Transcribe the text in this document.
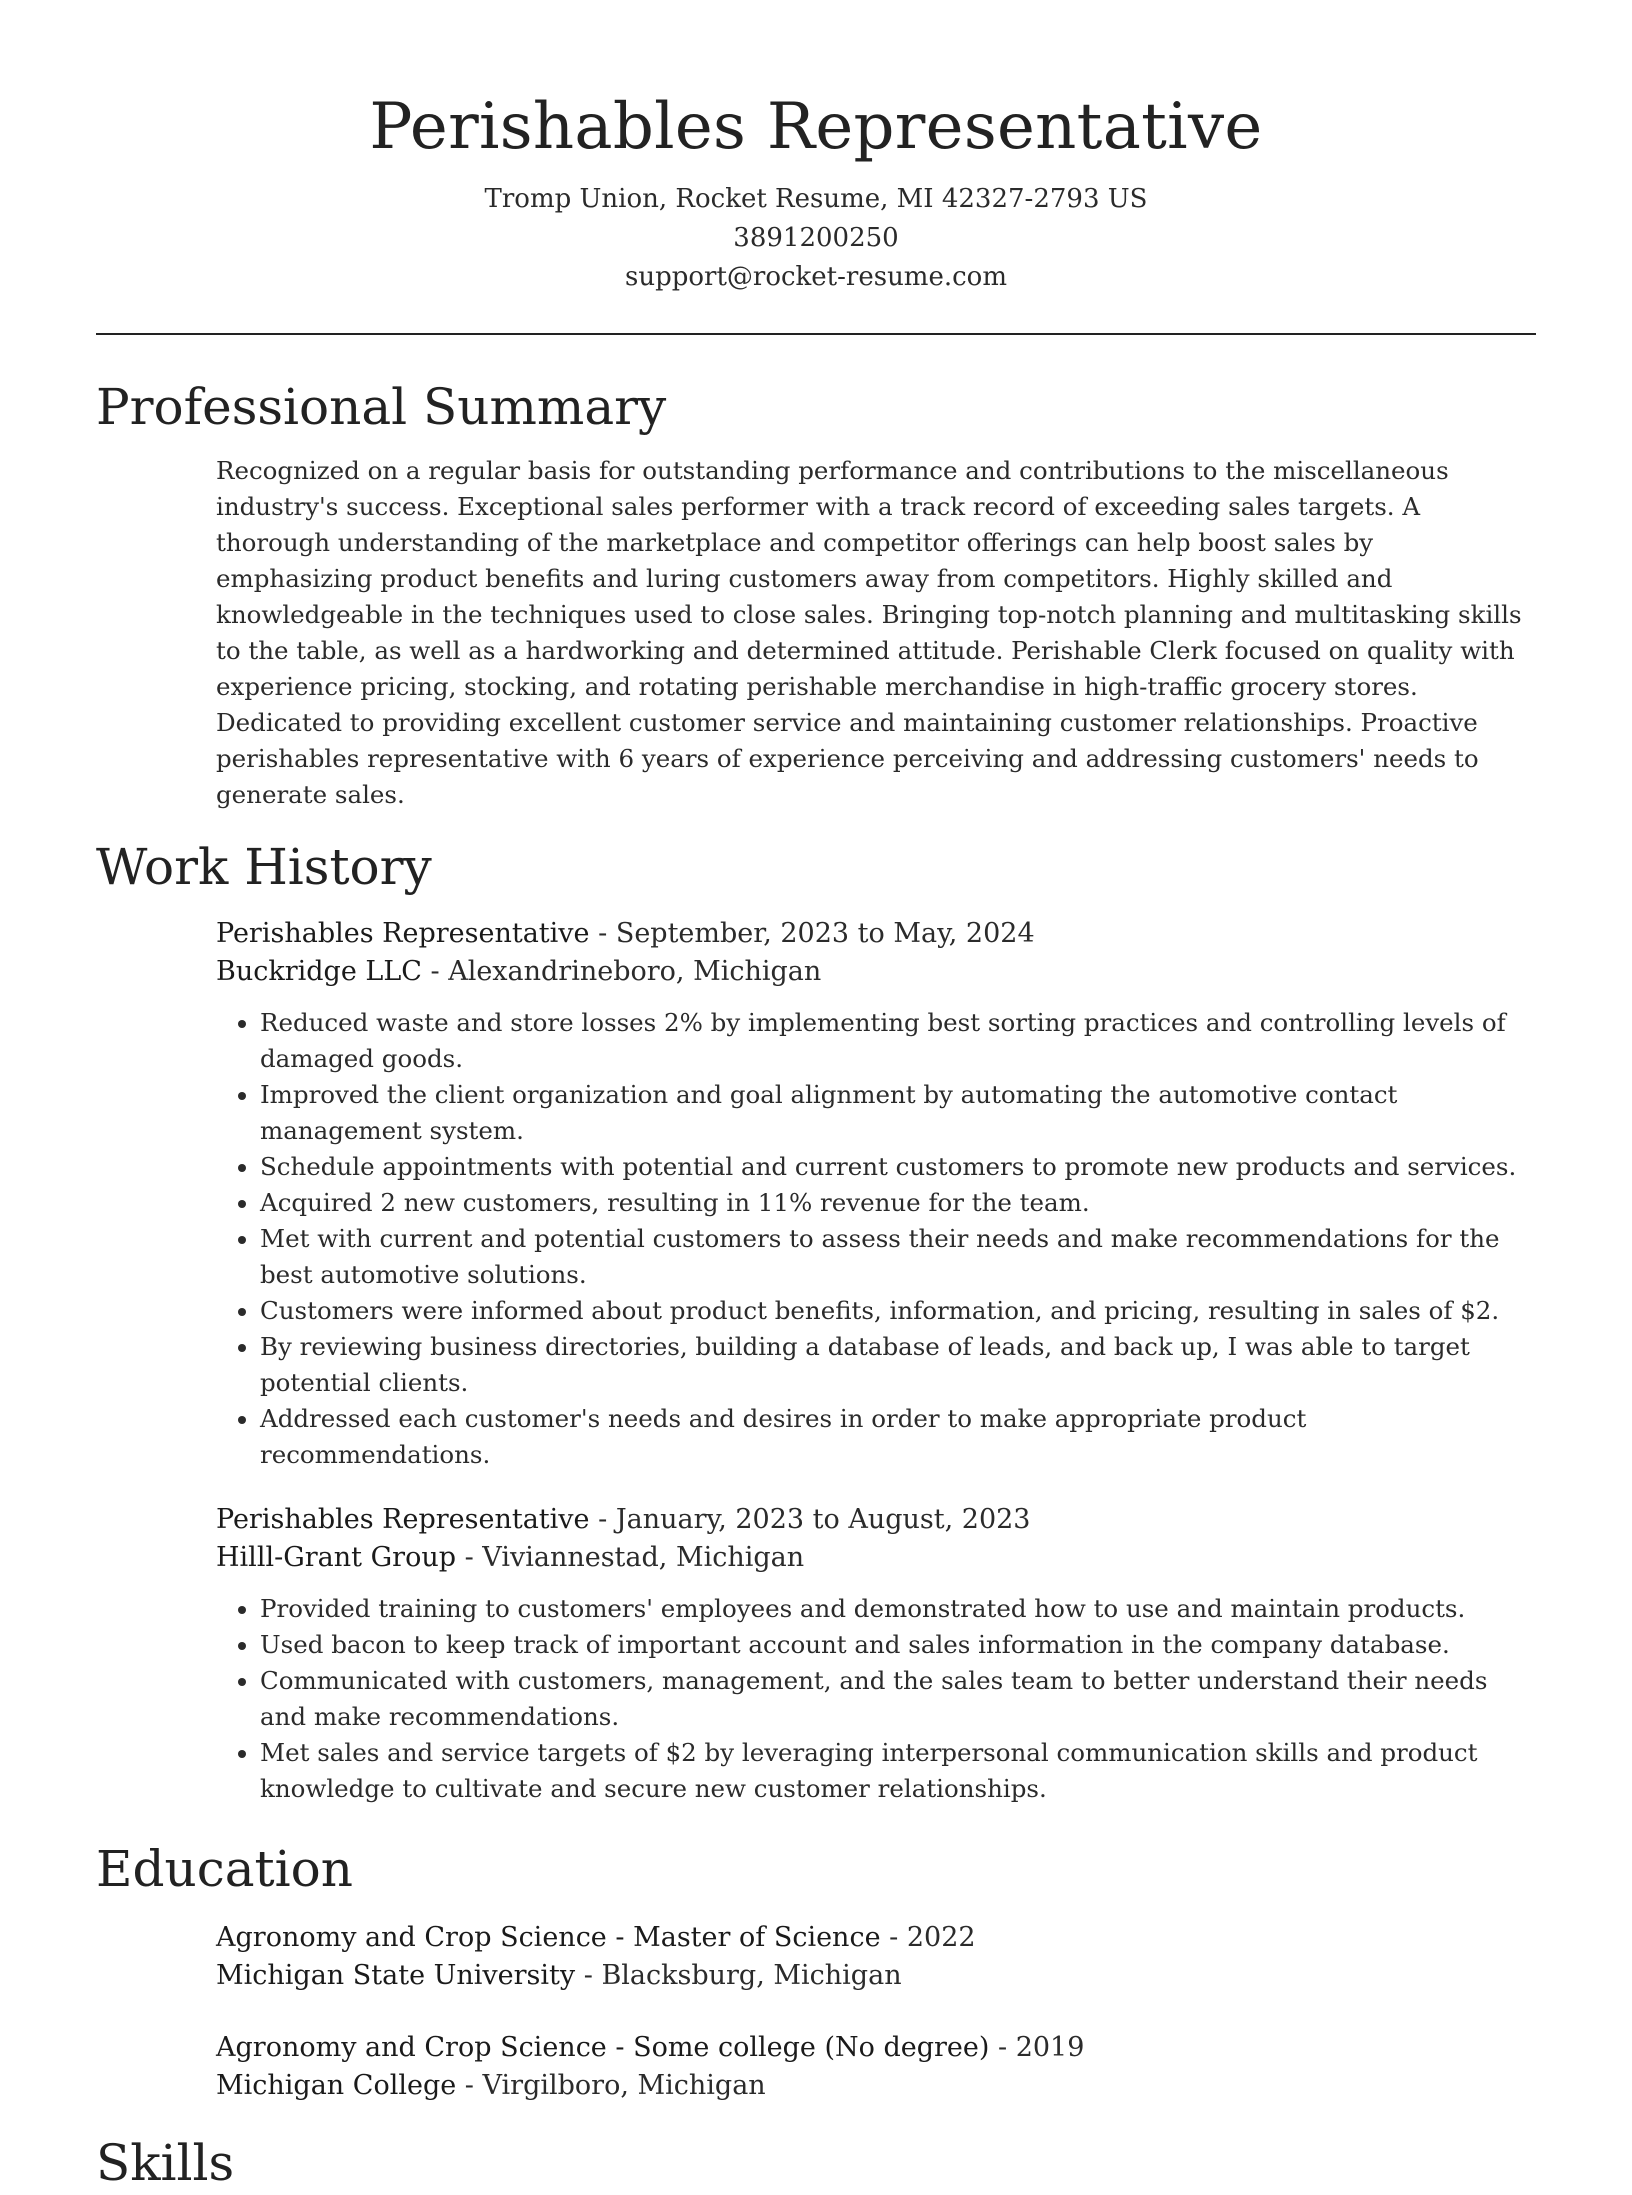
Perishables Representative
Tromp Union, Rocket Resume, MI 42327-2793 US
3891200250
support@rocket-resume.com
Professional Summary
Recognized on a regular basis for outstanding performance and contributions to the miscellaneous industry's success. Exceptional sales performer with a track record of exceeding sales targets. A thorough understanding of the marketplace and competitor offerings can help boost sales by emphasizing product benefits and luring customers away from competitors. Highly skilled and knowledgeable in the techniques used to close sales. Bringing top-notch planning and multitasking skills to the table, as well as a hardworking and determined attitude. Perishable Clerk focused on quality with experience pricing, stocking, and rotating perishable merchandise in high-traffic grocery stores. Dedicated to providing excellent customer service and maintaining customer relationships. Proactive perishables representative with 6 years of experience perceiving and addressing customers' needs to generate sales.
Work History
Perishables Representative - September, 2023 to May, 2024
Buckridge LLC - Alexandrineboro, Michigan
• Reduced waste and store losses 2% by implementing best sorting practices and controlling levels of damaged goods.
• Improved the client organization and goal alignment by automating the automotive contact management system.
• Schedule appointments with potential and current customers to promote new products and services.
• Acquired 2 new customers, resulting in 11% revenue for the team.
• Met with current and potential customers to assess their needs and make recommendations for the best automotive solutions.
• Customers were informed about product benefits, information, and pricing, resulting in sales of $2.
• By reviewing business directories, building a database of leads, and back up, I was able to target potential clients.
• Addressed each customer's needs and desires in order to make appropriate product recommendations.
Perishables Representative - January, 2023 to August, 2023
Hilll-Grant Group - Viviannestad, Michigan
• Provided training to customers' employees and demonstrated how to use and maintain products.
• Used bacon to keep track of important account and sales information in the company database.
• Communicated with customers, management, and the sales team to better understand their needs and make recommendations.
• Met sales and service targets of $2 by leveraging interpersonal communication skills and product knowledge to cultivate and secure new customer relationships.
Education
Agronomy and Crop Science - Master of Science - 2022
Michigan State University - Blacksburg, Michigan
Agronomy and Crop Science - Some college (No degree) - 2019
Michigan College - Virgilboro, Michigan
Skills
